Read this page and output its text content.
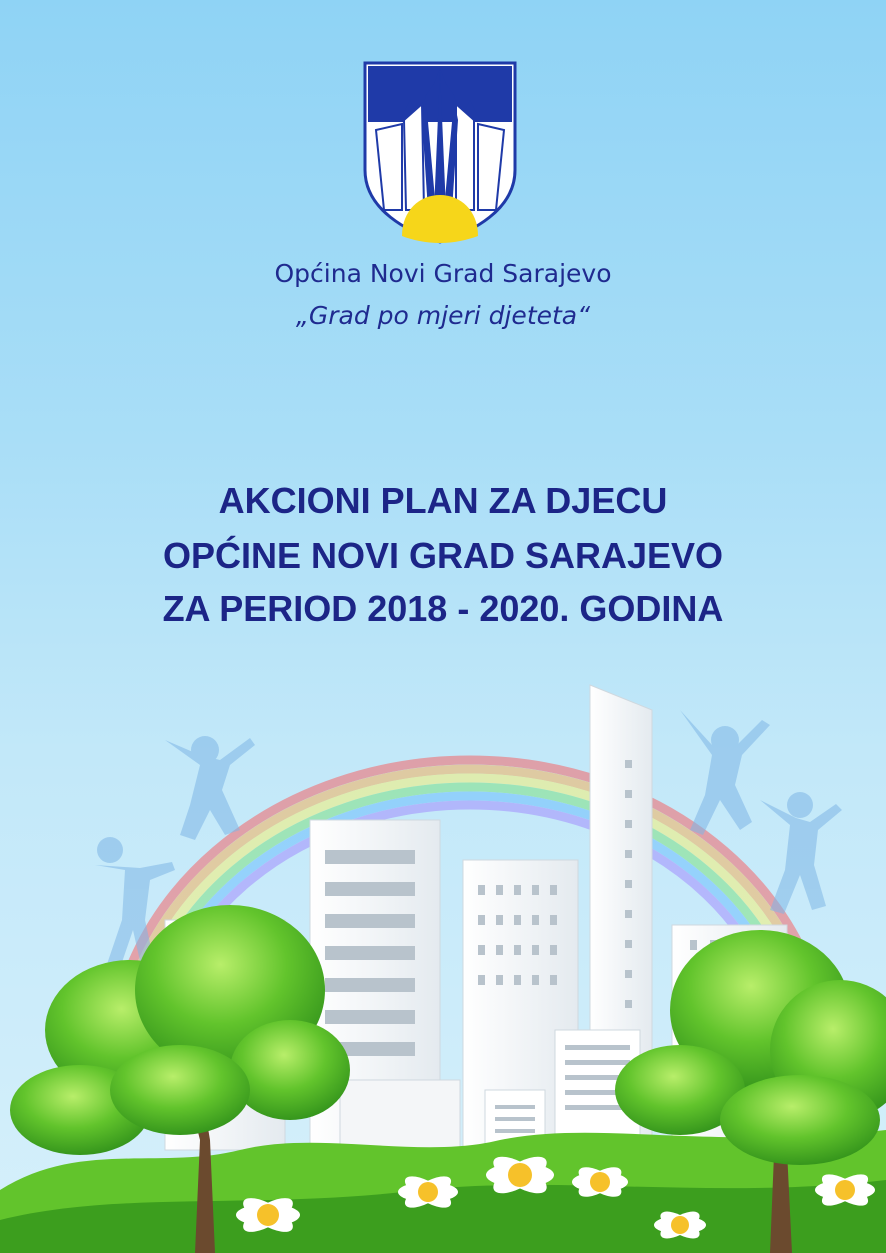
Općina Novi Grad Sarajevo
„Grad po mjeri djeteta“
AKCIONI PLAN ZA DJECU
OPĆINE NOVI GRAD SARAJEVO
ZA PERIOD 2018 - 2020. GODINA
